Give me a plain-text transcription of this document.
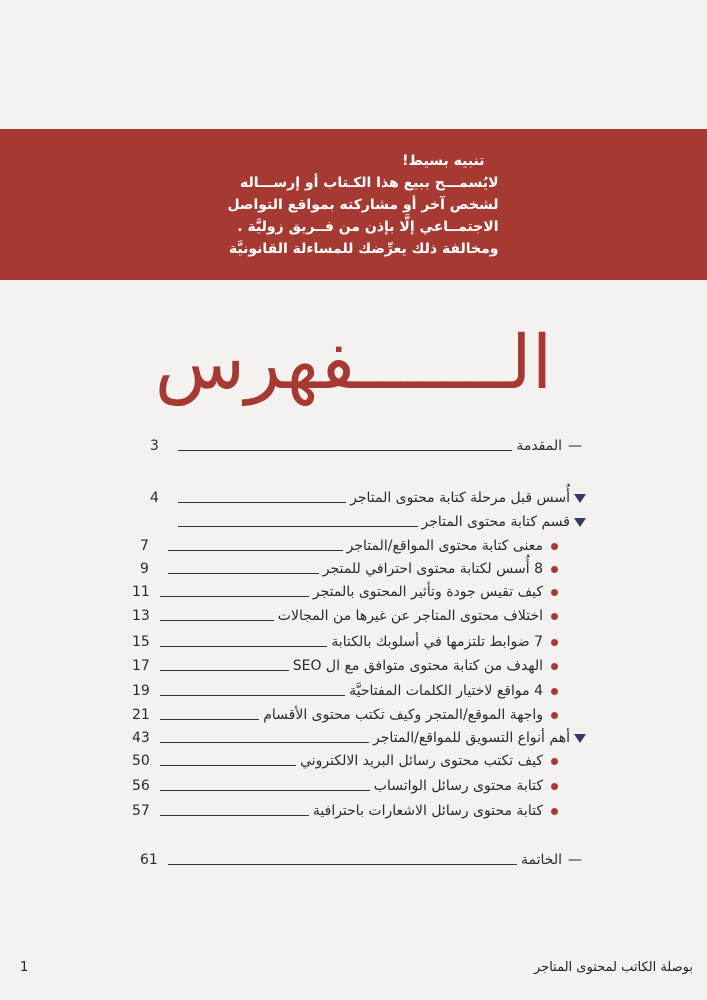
تنبيه بسيط!
لايُسمـــح ببيع هذا الكـتاب أو إرســـاله
لشخص آخر أو مشاركته بمواقع التواصل
الاجتمــاعي إلَّا بإذن من فــريق زوليَّة .
ومخالفة ذلك يعرِّضك للمساءلة القانونيَّة
الـــــــفهرس
—
المقدمة
3
أُسس قبل مرحلة كتابة محتوى المتاجر
4
قسم كتابة محتوى المتاجر
معنى كتابة محتوى المواقع/المتاجر
7
8 أُسس لكتابة محتوى احترافي للمتجر
9
كيف تقيس جودة وتأثير المحتوى بالمتجر
11
اختلاف محتوى المتاجر عن غيرها من المجالات
13
7 ضوابط تلتزمها في أسلوبك بالكتابة
15
الهدف من كتابة محتوى متوافق مع ال SEO
17
4 مواقع لاختيار الكلمات المفتاحيَّة
19
واجهة الموقع/المتجر وكيف تكتب محتوى الأقسام
21
أهم أنواع التسويق للمواقع/المتاجر
43
كيف تكتب محتوى رسائل البريد الالكتروني
50
كتابة محتوى رسائل الواتساب
56
كتابة محتوى رسائل الاشعارات باحترافية
57
—
الخاتمة
61
1	بوصلة الكاتب لمحتوى المتاجر
